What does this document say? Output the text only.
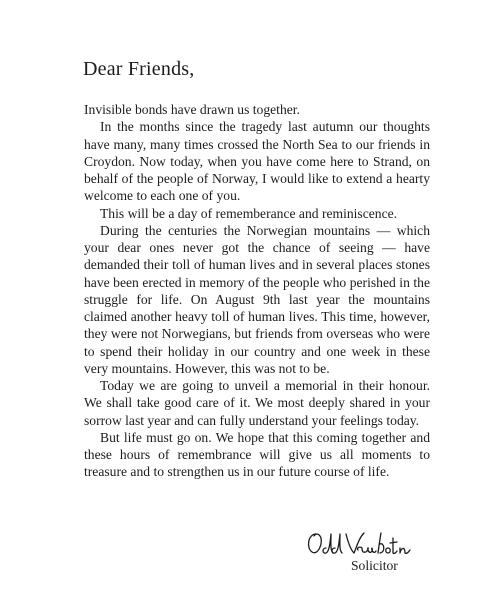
Dear Friends,

Invisible bonds have drawn us together.

In the months since the tragedy last autumn our thoughts have many, many times crossed the North Sea to our friends in Croydon. Now today, when you have come here to Strand, on behalf of the people of Norway, I would like to extend a hearty welcome to each one of you.

This will be a day of rememberance and reminiscence.

During the centuries the Norwegian mountains — which your dear ones never got the chance of seeing — have demanded their toll of human lives and in several places stones have been erected in memory of the people who perished in the struggle for life. On August 9th last year the mountains claimed another heavy toll of human lives. This time, however, they were not Norwegians, but friends from overseas who were to spend their holiday in our country and one week in these very mountains. However, this was not to be.

Today we are going to unveil a memorial in their honour. We shall take good care of it. We most deeply shared in your sorrow last year and can fully understand your feelings today.

But life must go on. We hope that this coming together and these hours of remembrance will give us all moments to treasure and to strengthen us in our future course of life.

Solicitor
